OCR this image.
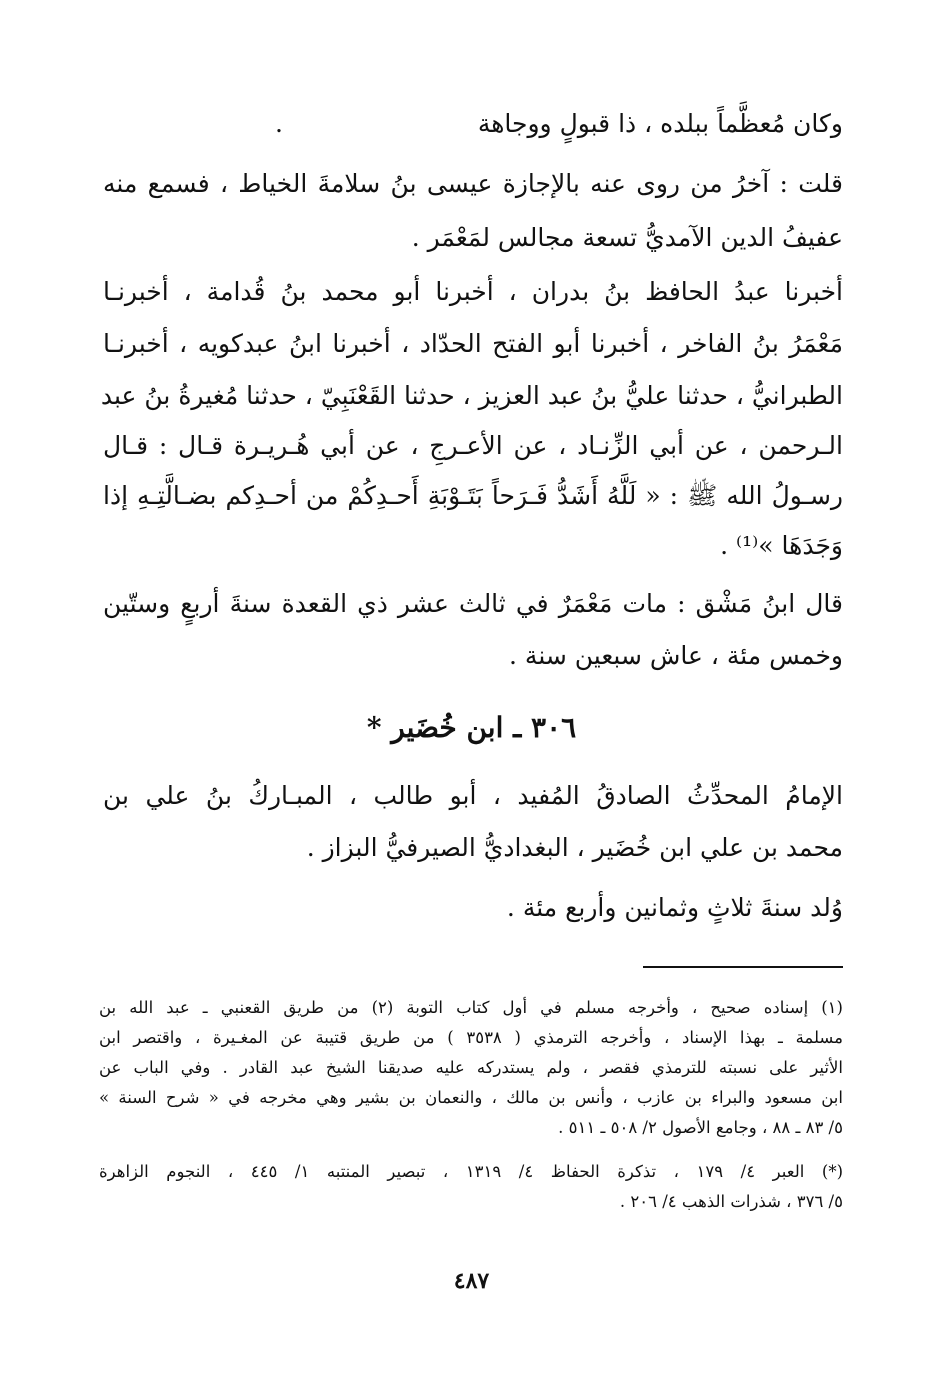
وكان مُعظَّماً ببلده ، ذا قبولٍ ووجاهة
.
قلت : آخرُ من روى عنه بالإجازة عيسى بنُ سلامةَ الخياط ، فسمع منه
عفيفُ الدين الآمديُّ تسعة مجالس لمَعْمَر .
أخبرنا عبدُ الحافظ بنُ بدران ، أخبرنا أبو محمد بنُ قُدامة ، أخبرنـا
مَعْمَرُ بنُ الفاخر ، أخبرنا أبو الفتح الحدّاد ، أخبرنا ابنُ عبدكويه ، أخبرنـا
الطبرانيُّ ، حدثنا عليُّ بنُ عبد العزيز ، حدثنا القَعْنَبِيّ ، حدثنا مُغيرةُ بنُ عبد
الـرحمن ، عن أبي الزِّنـاد ، عن الأعـرجِ ، عن أبي هُـريـرة قـال : قـال
رسـولُ الله ﷺ : « لَلَّهُ أَشَدُّ فَـرَحاً بَتَـوْبَةِ أَحـدِكُمْ من أحـدِكم بضـالَّتِـهِ إذا
وَجَدَهَا »⁽¹⁾ .
قال ابنُ مَشْق : مات مَعْمَرٌ في ثالث عشر ذي القعدة سنةَ أربعٍ وستّين
وخمس مئة ، عاش سبعين سنة .
٣٠٦ ـ ابن خُضَير *
الإمامُ المحدِّثُ الصادقُ المُفيد ، أبو طالب ، المبـاركُ بنُ علي بن
محمد بن علي ابن خُضَير ، البغداديُّ الصيرفيُّ البزاز .
وُلد سنةَ ثلاثٍ وثمانين وأربع مئة .
(١) إسناده صحيح ، وأخرجه مسلم في أول كتاب التوبة (٢) من طريق القعنبي ـ عبد الله بن
مسلمة ـ بهذا الإسناد ، وأخرجه الترمذي ( ٣٥٣٨ ) من طريق قتيبة عن المغـيرة ، واقتصر ابن
الأثير على نسبته للترمذي فقصر ، ولم يستدركه عليه صديقنا الشيخ عبد القادر . وفي الباب عن
ابن مسعود والبراء بن عازب ، وأنس بن مالك ، والنعمان بن بشير وهي مخرجه في « شرح السنة »
٥/ ٨٣ ـ ٨٨ ، وجامع الأصول ٢/ ٥٠٨ ـ ٥١١ .
(*) العبر ٤/ ١٧٩ ، تذكرة الحفاظ ٤/ ١٣١٩ ، تبصير المنتبه ١/ ٤٤٥ ، النجوم الزاهرة
٥/ ٣٧٦ ، شذرات الذهب ٤/ ٢٠٦ .
٤٨٧
